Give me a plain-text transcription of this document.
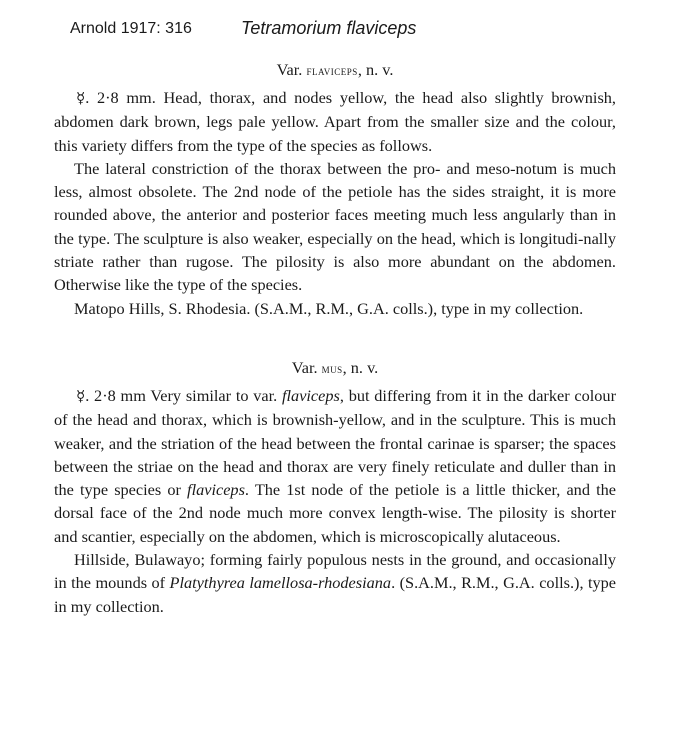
Arnold 1917: 316	Tetramorium flaviceps
Var. flaviceps, n. v.

☿. 2·8 mm. Head, thorax, and nodes yellow, the head also slightly brownish, abdomen dark brown, legs pale yellow. Apart from the smaller size and the colour, this variety differs from the type of the species as follows.

The lateral constriction of the thorax between the pro- and meso-notum is much less, almost obsolete. The 2nd node of the petiole has the sides straight, it is more rounded above, the anterior and posterior faces meeting much less angularly than in the type. The sculpture is also weaker, especially on the head, which is longitudi-nally striate rather than rugose. The pilosity is also more abundant on the abdomen. Otherwise like the type of the species.

Matopo Hills, S. Rhodesia. (S.A.M., R.M., G.A. colls.), type in my collection.

Var. mus, n. v.

☿. 2·8 mm Very similar to var. flaviceps, but differing from it in the darker colour of the head and thorax, which is brownish-yellow, and in the sculpture. This is much weaker, and the striation of the head between the frontal carinae is sparser; the spaces between the striae on the head and thorax are very finely reticulate and duller than in the type species or flaviceps. The 1st node of the petiole is a little thicker, and the dorsal face of the 2nd node much more convex length-wise. The pilosity is shorter and scantier, especially on the abdomen, which is microscopically alutaceous.

Hillside, Bulawayo; forming fairly populous nests in the ground, and occasionally in the mounds of Platythyrea lamellosa-rhodesiana. (S.A.M., R.M., G.A. colls.), type in my collection.
